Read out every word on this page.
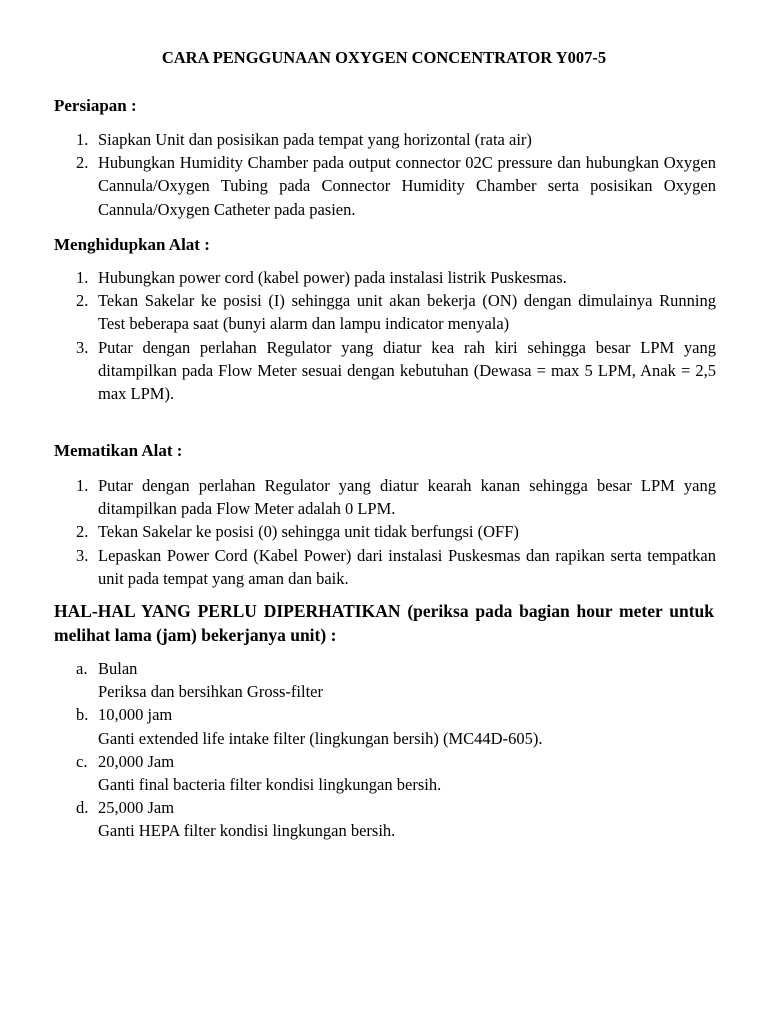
CARA PENGGUNAAN OXYGEN CONCENTRATOR Y007-5
Persiapan :
1. Siapkan Unit dan posisikan pada tempat yang horizontal (rata air)
2. Hubungkan Humidity Chamber pada output connector 02C pressure dan hubungkan Oxygen Cannula/Oxygen Tubing pada Connector Humidity Chamber serta posisikan Oxygen Cannula/Oxygen Catheter pada pasien.
Menghidupkan Alat :
1. Hubungkan power cord (kabel power) pada instalasi listrik Puskesmas.
2. Tekan Sakelar ke posisi (I) sehingga unit akan bekerja (ON) dengan dimulainya Running Test beberapa saat (bunyi alarm dan lampu indicator menyala)
3. Putar dengan perlahan Regulator yang diatur kea rah kiri sehingga besar LPM yang ditampilkan pada Flow Meter sesuai dengan kebutuhan (Dewasa = max 5 LPM, Anak = 2,5 max LPM).
Mematikan Alat :
1. Putar dengan perlahan Regulator yang diatur kearah kanan sehingga besar LPM yang ditampilkan pada Flow Meter adalah 0 LPM.
2. Tekan Sakelar ke posisi (0) sehingga unit tidak berfungsi (OFF)
3. Lepaskan Power Cord (Kabel Power) dari instalasi Puskesmas dan rapikan serta tempatkan unit pada tempat yang aman dan baik.
HAL-HAL YANG PERLU DIPERHATIKAN (periksa pada bagian hour meter untuk melihat lama (jam) bekerjanya unit) :
a. Bulan
Periksa dan bersihkan Gross-filter
b. 10,000 jam
Ganti extended life intake filter (lingkungan bersih) (MC44D-605).
c. 20,000 Jam
Ganti final bacteria filter kondisi lingkungan bersih.
d. 25,000 Jam
Ganti HEPA filter kondisi lingkungan bersih.
